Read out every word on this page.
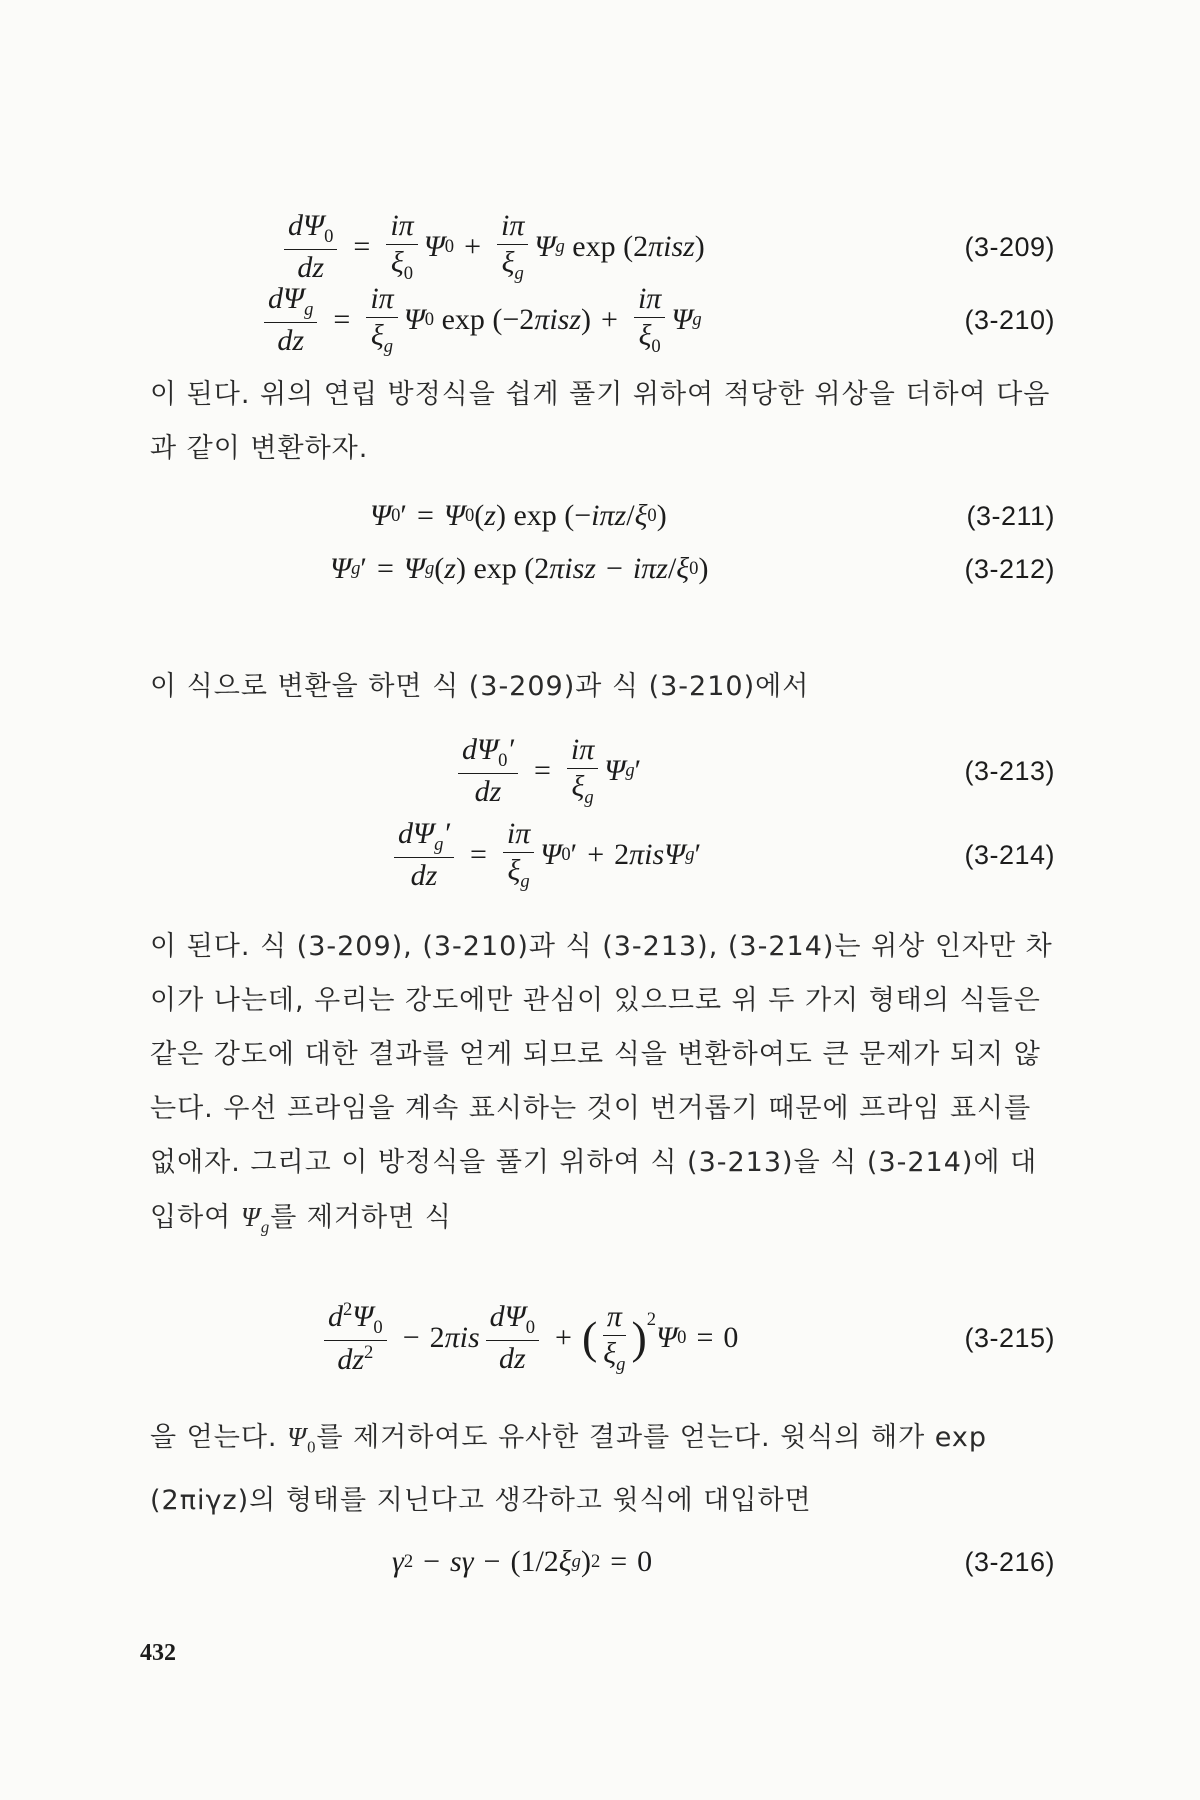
$\frac{d\Psi_0}{dz} = \frac{i\pi}{\xi_0}$ Ψ $0 + \frac{i\pi}{\xi_g}$ Ψ g exp (2 πisz )	(3-209)
$\frac{d\Psi_g}{dz} = \frac{i\pi}{\xi_g}$ Ψ 0 exp (−2 πisz ) + $\frac{i\pi}{\xi_0}$ Ψ g	(3-210)
이 된다. 위의 연립 방정식을 쉽게 풀기 위하여 적당한 위상을 더하여 다음과 같이 변환하자.
Ψ 0 ′ = Ψ 0 ( z ) exp (− iπz / ξ 0 )	(3-211)
Ψ g ′ = Ψ g ( z ) exp (2 πisz − iπz / ξ 0 )	(3-212)
이 식으로 변환을 하면 식 (3-209)과 식 (3-210)에서
$\frac{d\Psi_0'}{dz} = \frac{i\pi}{\xi_g}$ Ψ g ′	(3-213)
$\frac{d\Psi_g'}{dz} = \frac{i\pi}{\xi_g}$ Ψ 0 ′ + 2 πisΨ g ′	(3-214)
이 된다. 식 (3-209), (3-210)과 식 (3-213), (3-214)는 위상 인자만 차이가 나는데, 우리는 강도에만 관심이 있으므로 위 두 가지 형태의 식들은 같은 강도에 대한 결과를 얻게 되므로 식을 변환하여도 큰 문제가 되지 않는다. 우선 프라임을 계속 표시하는 것이 번거롭기 때문에 프라임 표시를 없애자. 그리고 이 방정식을 풀기 위하여 식 (3-213)을 식 (3-214)에 대입하여 $\Psi_g$를 제거하면 식
$\frac{d^2\Psi_0}{dz^2} - 2$ πis $\frac{d\Psi_0}{dz}$ + ( $\frac{\pi}{\xi_g} )^2$
Ψ 0 = 0	(3-215)
을 얻는다. $\Psi_0$를 제거하여도 유사한 결과를 얻는다. 윗식의 해가 exp (2πiγz)의 형태를 지닌다고 생각하고 윗식에 대입하면
γ 2 − sγ − (1/2 ξ g ) 2 = 0	(3-216)
432
